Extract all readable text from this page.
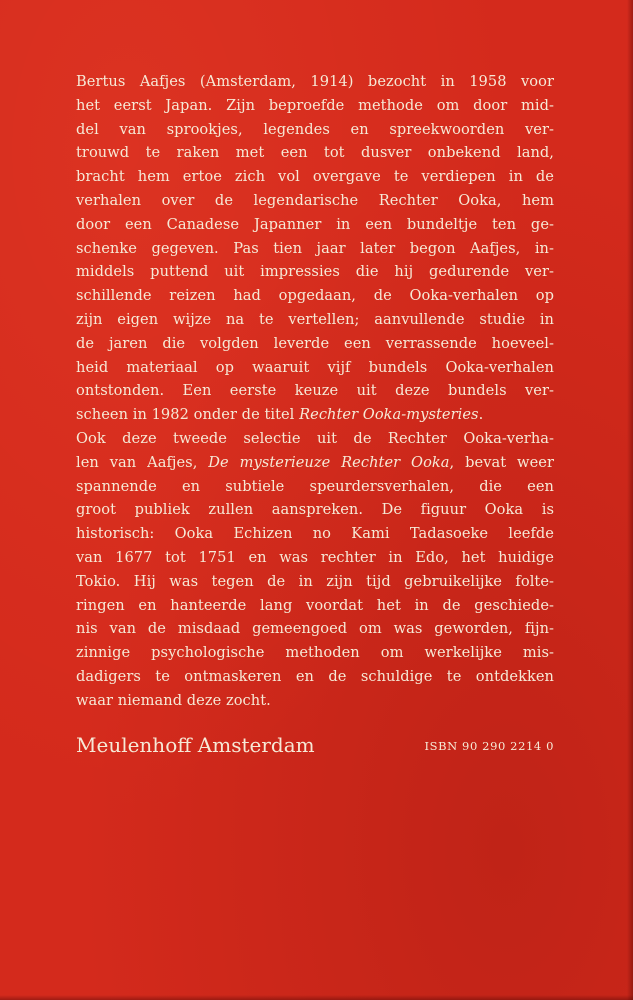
Bertus Aafjes (Amsterdam, 1914) bezocht in 1958 voor
het eerst Japan. Zijn beproefde methode om door mid-
del van sprookjes, legendes en spreekwoorden ver-
trouwd te raken met een tot dusver onbekend land,
bracht hem ertoe zich vol overgave te verdiepen in de
verhalen over de legendarische Rechter Ooka, hem
door een Canadese Japanner in een bundeltje ten ge-
schenke gegeven. Pas tien jaar later begon Aafjes, in-
middels puttend uit impressies die hij gedurende ver-
schillende reizen had opgedaan, de Ooka-verhalen op
zijn eigen wijze na te vertellen; aanvullende studie in
de jaren die volgden leverde een verrassende hoeveel-
heid materiaal op waaruit vijf bundels Ooka-verhalen
ontstonden. Een eerste keuze uit deze bundels ver-
scheen in 1982 onder de titel Rechter Ooka-mysteries.
Ook deze tweede selectie uit de Rechter Ooka-verha-
len van Aafjes, De mysterieuze Rechter Ooka, bevat weer
spannende en subtiele speurdersverhalen, die een
groot publiek zullen aanspreken. De figuur Ooka is
historisch: Ooka Echizen no Kami Tadasoeke leefde
van 1677 tot 1751 en was rechter in Edo, het huidige
Tokio. Hij was tegen de in zijn tijd gebruikelijke folte-
ringen en hanteerde lang voordat het in de geschiede-
nis van de misdaad gemeengoed om was geworden, fijn-
zinnige psychologische methoden om werkelijke mis-
dadigers te ontmaskeren en de schuldige te ontdekken
waar niemand deze zocht.
Meulenhoff Amsterdam	ISBN 90 290 2214 0
